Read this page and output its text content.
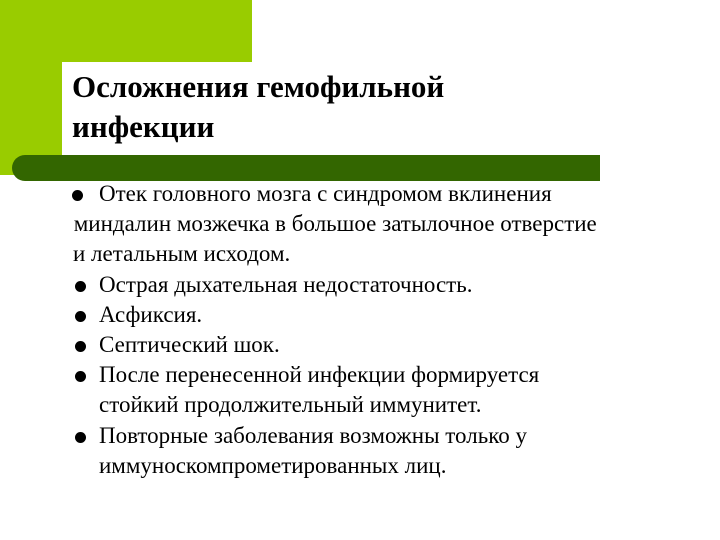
Осложнения гемофильной
инфекции
Отек головного мозга с синдромом вклинения
миндалин мозжечка в большое затылочное отверстие
и летальным исходом.
Острая дыхательная недостаточность.
Асфиксия.
Септический шок.
После перенесенной инфекции формируется
стойкий продолжительный иммунитет.
Повторные заболевания возможны только у
иммунoскомпрометированных лиц.
